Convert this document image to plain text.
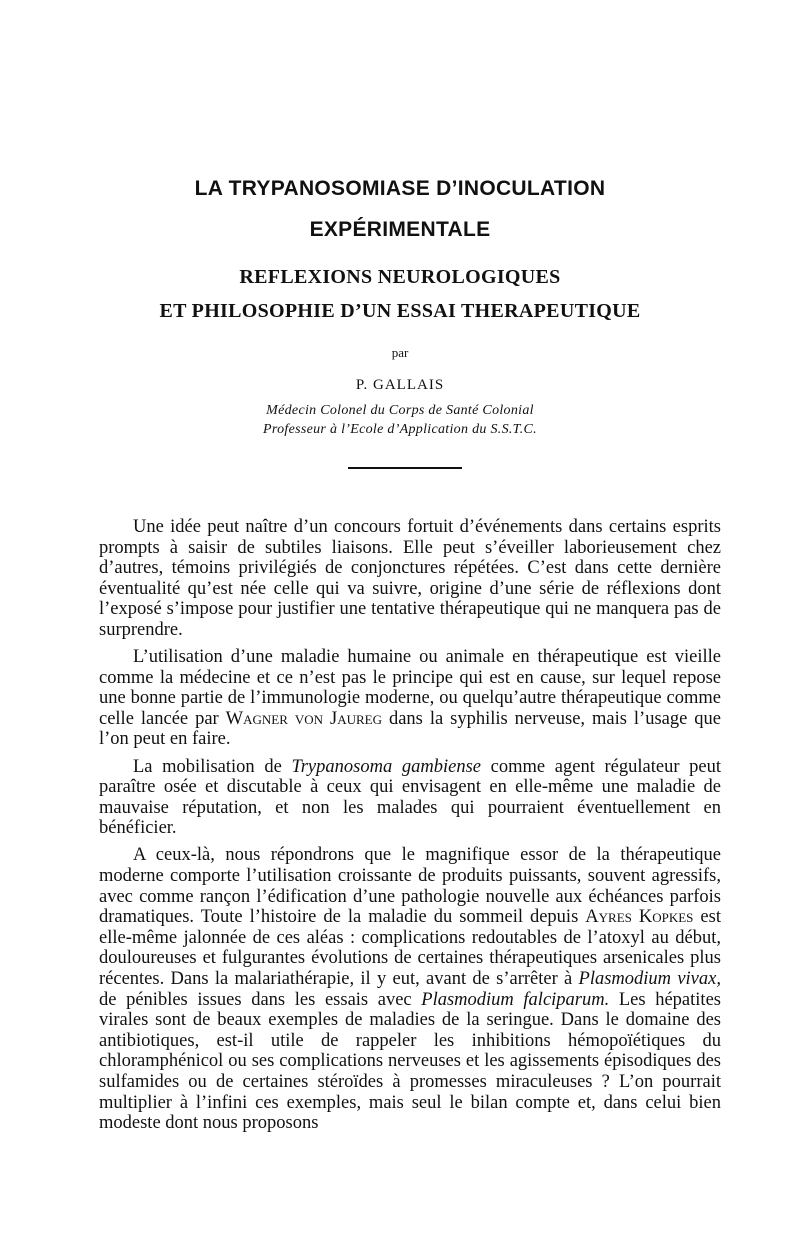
LA TRYPANOSOMIASE D’INOCULATION
EXPÉRIMENTALE
REFLEXIONS NEUROLOGIQUES
ET PHILOSOPHIE D’UN ESSAI THERAPEUTIQUE
par
P. GALLAIS
Médecin Colonel du Corps de Santé Colonial
Professeur à l’Ecole d’Application du S.S.T.C.

Une idée peut naître d’un concours fortuit d’événements dans certains esprits prompts à saisir de subtiles liaisons. Elle peut s’éveiller laborieusement chez d’autres, témoins privilégiés de conjonctures répétées. C’est dans cette dernière éventualité qu’est née celle qui va suivre, origine d’une série de réflexions dont l’exposé s’impose pour justifier une tentative thérapeutique qui ne manquera pas de surprendre.

L’utilisation d’une maladie humaine ou animale en thérapeutique est vieille comme la médecine et ce n’est pas le principe qui est en cause, sur lequel repose une bonne partie de l’immunologie moderne, ou quelqu’autre thérapeutique comme celle lancée par Wagner von Jaureg dans la syphilis nerveuse, mais l’usage que l’on peut en faire.

La mobilisation de Trypanosoma gambiense comme agent régulateur peut paraître osée et discutable à ceux qui envisagent en elle-même une maladie de mauvaise réputation, et non les malades qui pourraient éventuellement en bénéficier.

A ceux-là, nous répondrons que le magnifique essor de la thérapeutique moderne comporte l’utilisation croissante de produits puissants, souvent agressifs, avec comme rançon l’édification d’une pathologie nouvelle aux échéances parfois dramatiques. Toute l’histoire de la maladie du sommeil depuis Ayres Kopkes est elle-même jalonnée de ces aléas : complications redoutables de l’atoxyl au début, douloureuses et fulgurantes évolutions de certaines thérapeutiques arsenicales plus récentes. Dans la malariathérapie, il y eut, avant de s’arrêter à Plasmodium vivax, de pénibles issues dans les essais avec Plasmodium falciparum. Les hépatites virales sont de beaux exemples de maladies de la seringue. Dans le domaine des antibiotiques, est-il utile de rappeler les inhibitions hémopoïétiques du chloramphénicol ou ses complications nerveuses et les agissements épisodiques des sulfamides ou de certaines stéroïdes à promesses miraculeuses ? L’on pourrait multiplier à l’infini ces exemples, mais seul le bilan compte et, dans celui bien modeste dont nous proposons
